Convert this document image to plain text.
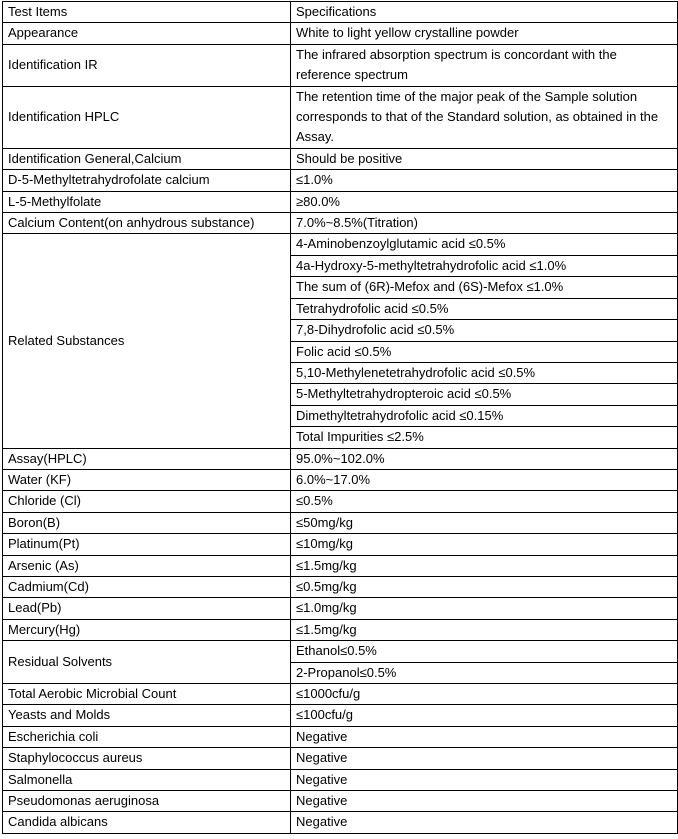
Test Items	Specifications
Appearance	White to light yellow crystalline powder
Identification IR	The infrared absorption spectrum is concordant with the reference spectrum
Identification HPLC	The retention time of the major peak of the Sample solution corresponds to that of the Standard solution, as obtained in the Assay.
Identification General,Calcium	Should be positive
D-5-Methyltetrahydrofolate calcium	≤1.0%
L-5-Methylfolate	≥80.0%
Calcium Content(on anhydrous substance)	7.0%~8.5%(Titration)
Related Substances	4-Aminobenzoylglutamic acid ≤0.5%
	4a-Hydroxy-5-methyltetrahydrofolic acid ≤1.0%
	The sum of (6R)-Mefox and (6S)-Mefox ≤1.0%
	Tetrahydrofolic acid ≤0.5%
	7,8-Dihydrofolic acid ≤0.5%
	Folic acid ≤0.5%
	5,10-Methylenetetrahydrofolic acid ≤0.5%
	5-Methyltetrahydropteroic acid ≤0.5%
	Dimethyltetrahydrofolic acid ≤0.15%
	Total Impurities ≤2.5%
Assay(HPLC)	95.0%~102.0%
Water (KF)	6.0%~17.0%
Chloride (Cl)	≤0.5%
Boron(B)	≤50mg/kg
Platinum(Pt)	≤10mg/kg
Arsenic (As)	≤1.5mg/kg
Cadmium(Cd)	≤0.5mg/kg
Lead(Pb)	≤1.0mg/kg
Mercury(Hg)	≤1.5mg/kg
Residual Solvents	Ethanol≤0.5%
	2-Propanol≤0.5%
Total Aerobic Microbial Count	≤1000cfu/g
Yeasts and Molds	≤100cfu/g
Escherichia coli	Negative
Staphylococcus aureus	Negative
Salmonella	Negative
Pseudomonas aeruginosa	Negative
Candida albicans	Negative
